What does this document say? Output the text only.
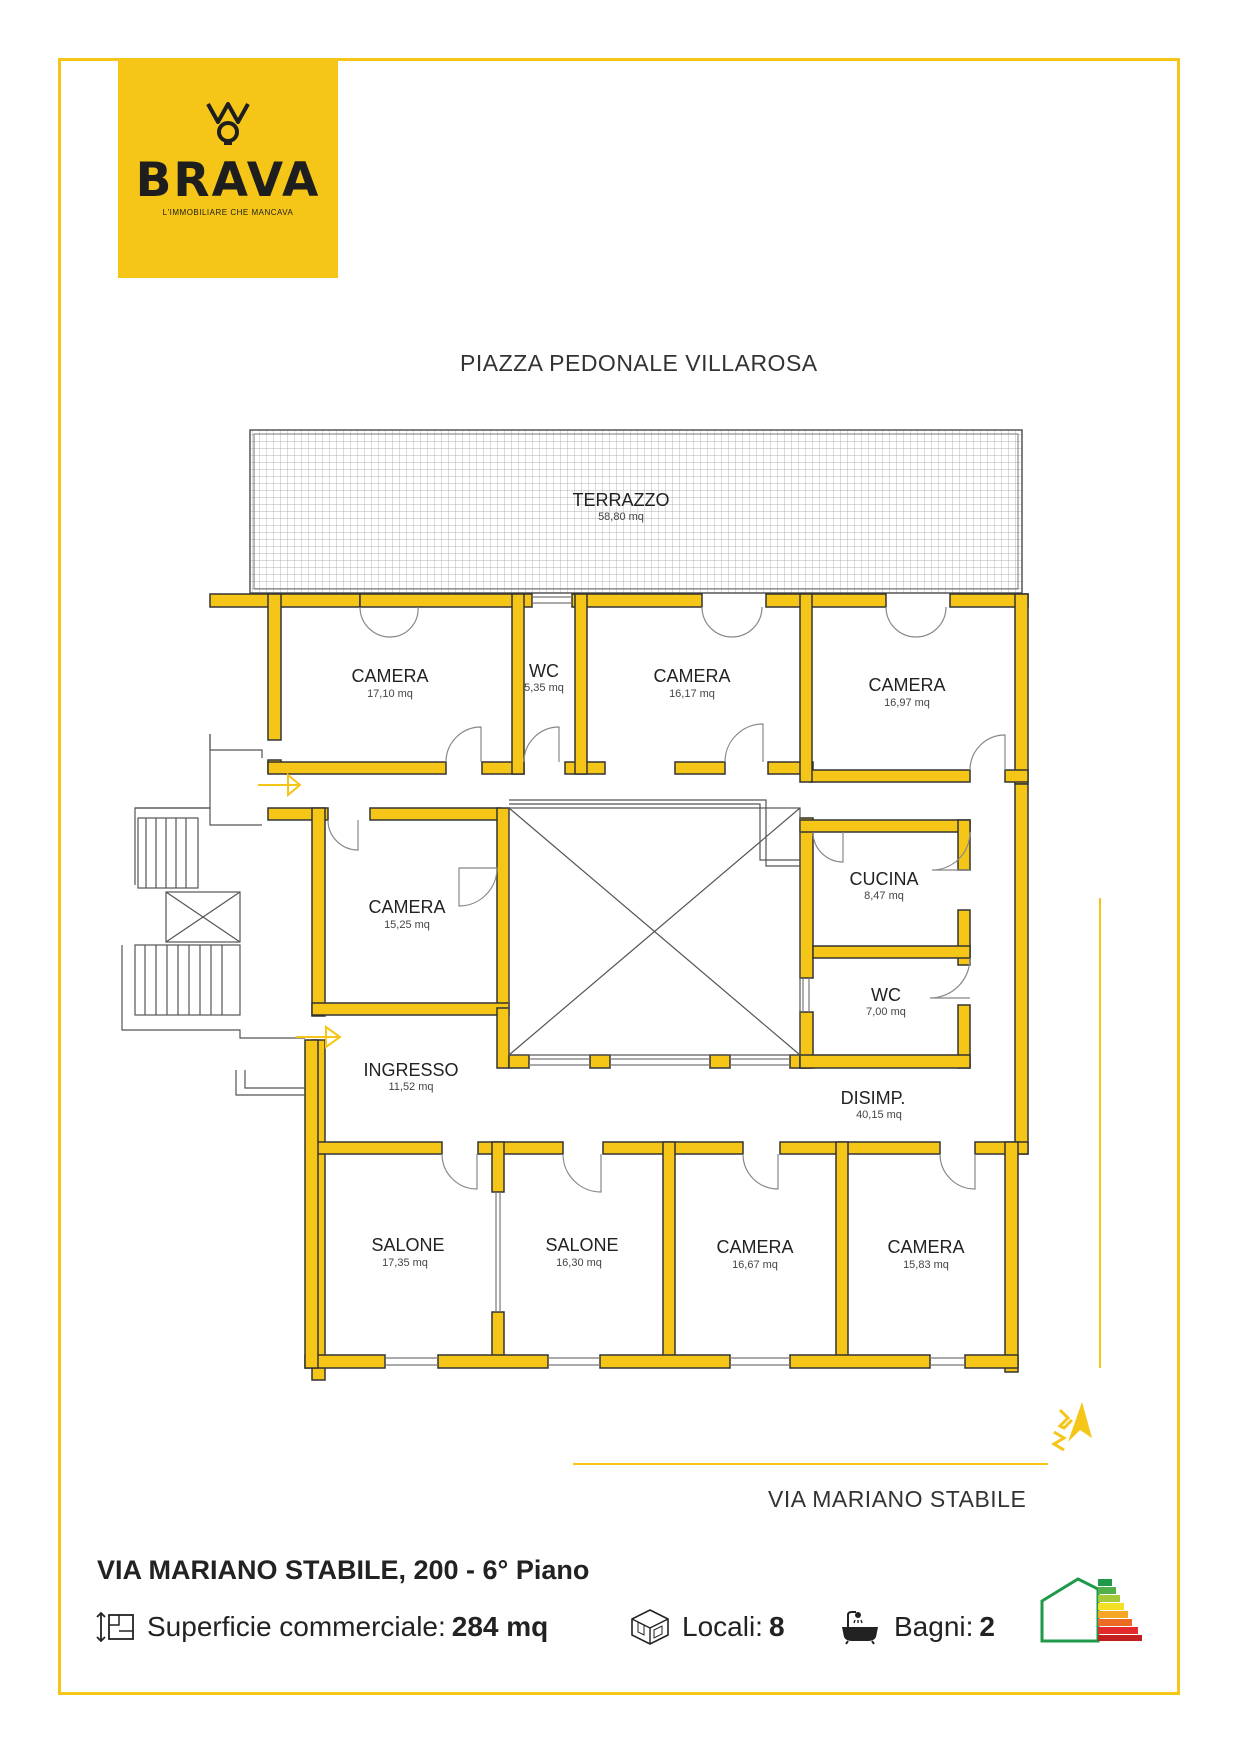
BRAVA
L'IMMOBILIARE CHE MANCAVA
PIAZZA PEDONALE VILLAROSA
VIA MARIANO STABILE
TERRAZZO
58,80 mq
CAMERA
17,10 mq
WC
5,35 mq
CAMERA
16,17 mq	CAMERA
16,97 mq
CAMERA
15,25 mq
CUCINA
8,47 mq
WC
7,00 mq
INGRESSO
11,52 mq
DISIMP.
40,15 mq
SALONE
17,35 mq
SALONE
16,30 mq
CAMERA
16,67 mq
CAMERA
15,83 mq
VIA MARIANO STABILE, 200 - 6° Piano
Superficie commerciale: 284 mq	Locali: 8	Bagni: 2
